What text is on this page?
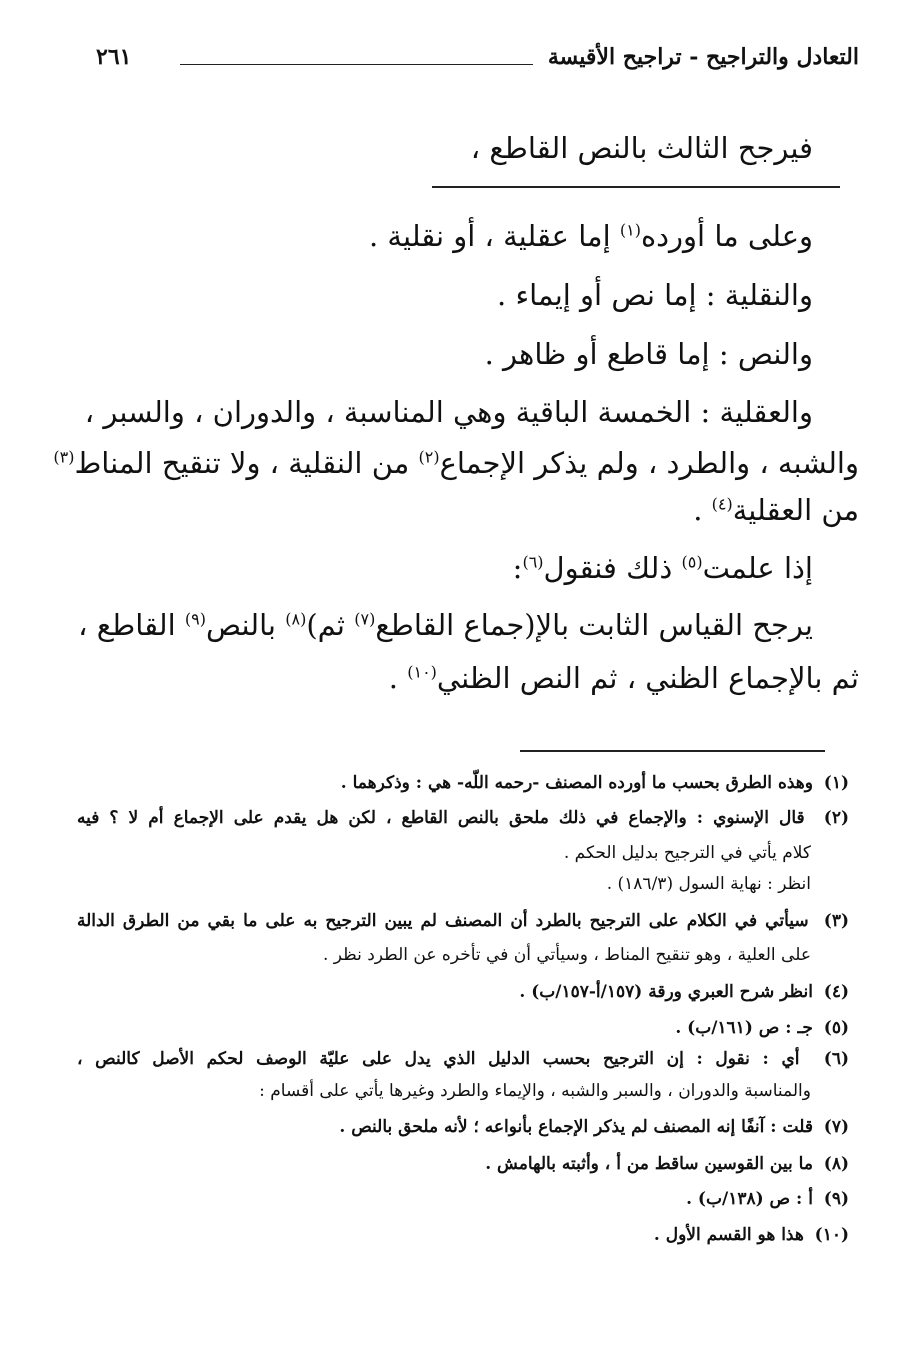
التعادل والتراجيح - تراجيح الأقيسة
٢٦١
فيرجح الثالث بالنص القاطع ،
وعلى ما أورده$^{(١)}$ إما عقلية ، أو نقلية .
والنقلية : إما نص أو إيماء .
والنص : إما قاطع أو ظاهر .
والعقلية : الخمسة الباقية وهي المناسبة ، والدوران ، والسبر ،
والشبه ، والطرد ، ولم يذكر الإجماع$^{(٢)}$ من النقلية ، ولا تنقيح المناط$^{(٣)}$
من العقلية$^{(٤)}$ .
إذا علمت$^{(٥)}$ ذلك فنقول$^{(٦)}$:
يرجح القياس الثابت بالإ(جماع القاطع$^{(٧)}$ ثم)$^{(٨)}$ بالنص$^{(٩)}$ القاطع ،
ثم بالإجماع الظني ، ثم النص الظني$^{(١٠)}$ .
(١)  وهذه الطرق بحسب ما أورده المصنف -رحمه اللّه- هي : وذكرهما .
(٢)  قال الإسنوي : والإجماع في ذلك ملحق بالنص القاطع ، لكن هل يقدم على الإجماع أم لا ؟ فيه
كلام يأتي في الترجيح بدليل الحكم .
انظر : نهاية السول (١٨٦/٣) .
(٣)  سيأتي في الكلام على الترجيح بالطرد أن المصنف لم يبين الترجيح به على ما بقي من الطرق الدالة
على العلية ، وهو تنقيح المناط ، وسيأتي أن في تأخره عن الطرد نظر .
(٤)  انظر شرح العبري ورقة (١٥٧/أ-١٥٧/ب) .
(٥)  جـ : ص (١٦١/ب) .
(٦)  أي : نقول : إن الترجيح بحسب الدليل الذي يدل على عليّة الوصف لحكم الأصل كالنص ،
والمناسبة والدوران ، والسبر والشبه ، والإيماء والطرد وغيرها يأتي على أقسام :
(٧)  قلت : آنفًا إنه المصنف لم يذكر الإجماع بأنواعه ؛ لأنه ملحق بالنص .
(٨)  ما بين القوسين ساقط من أ ، وأثبته بالهامش .
(٩)  أ : ص (١٣٨/ب) .
(١٠)  هذا هو القسم الأول .
